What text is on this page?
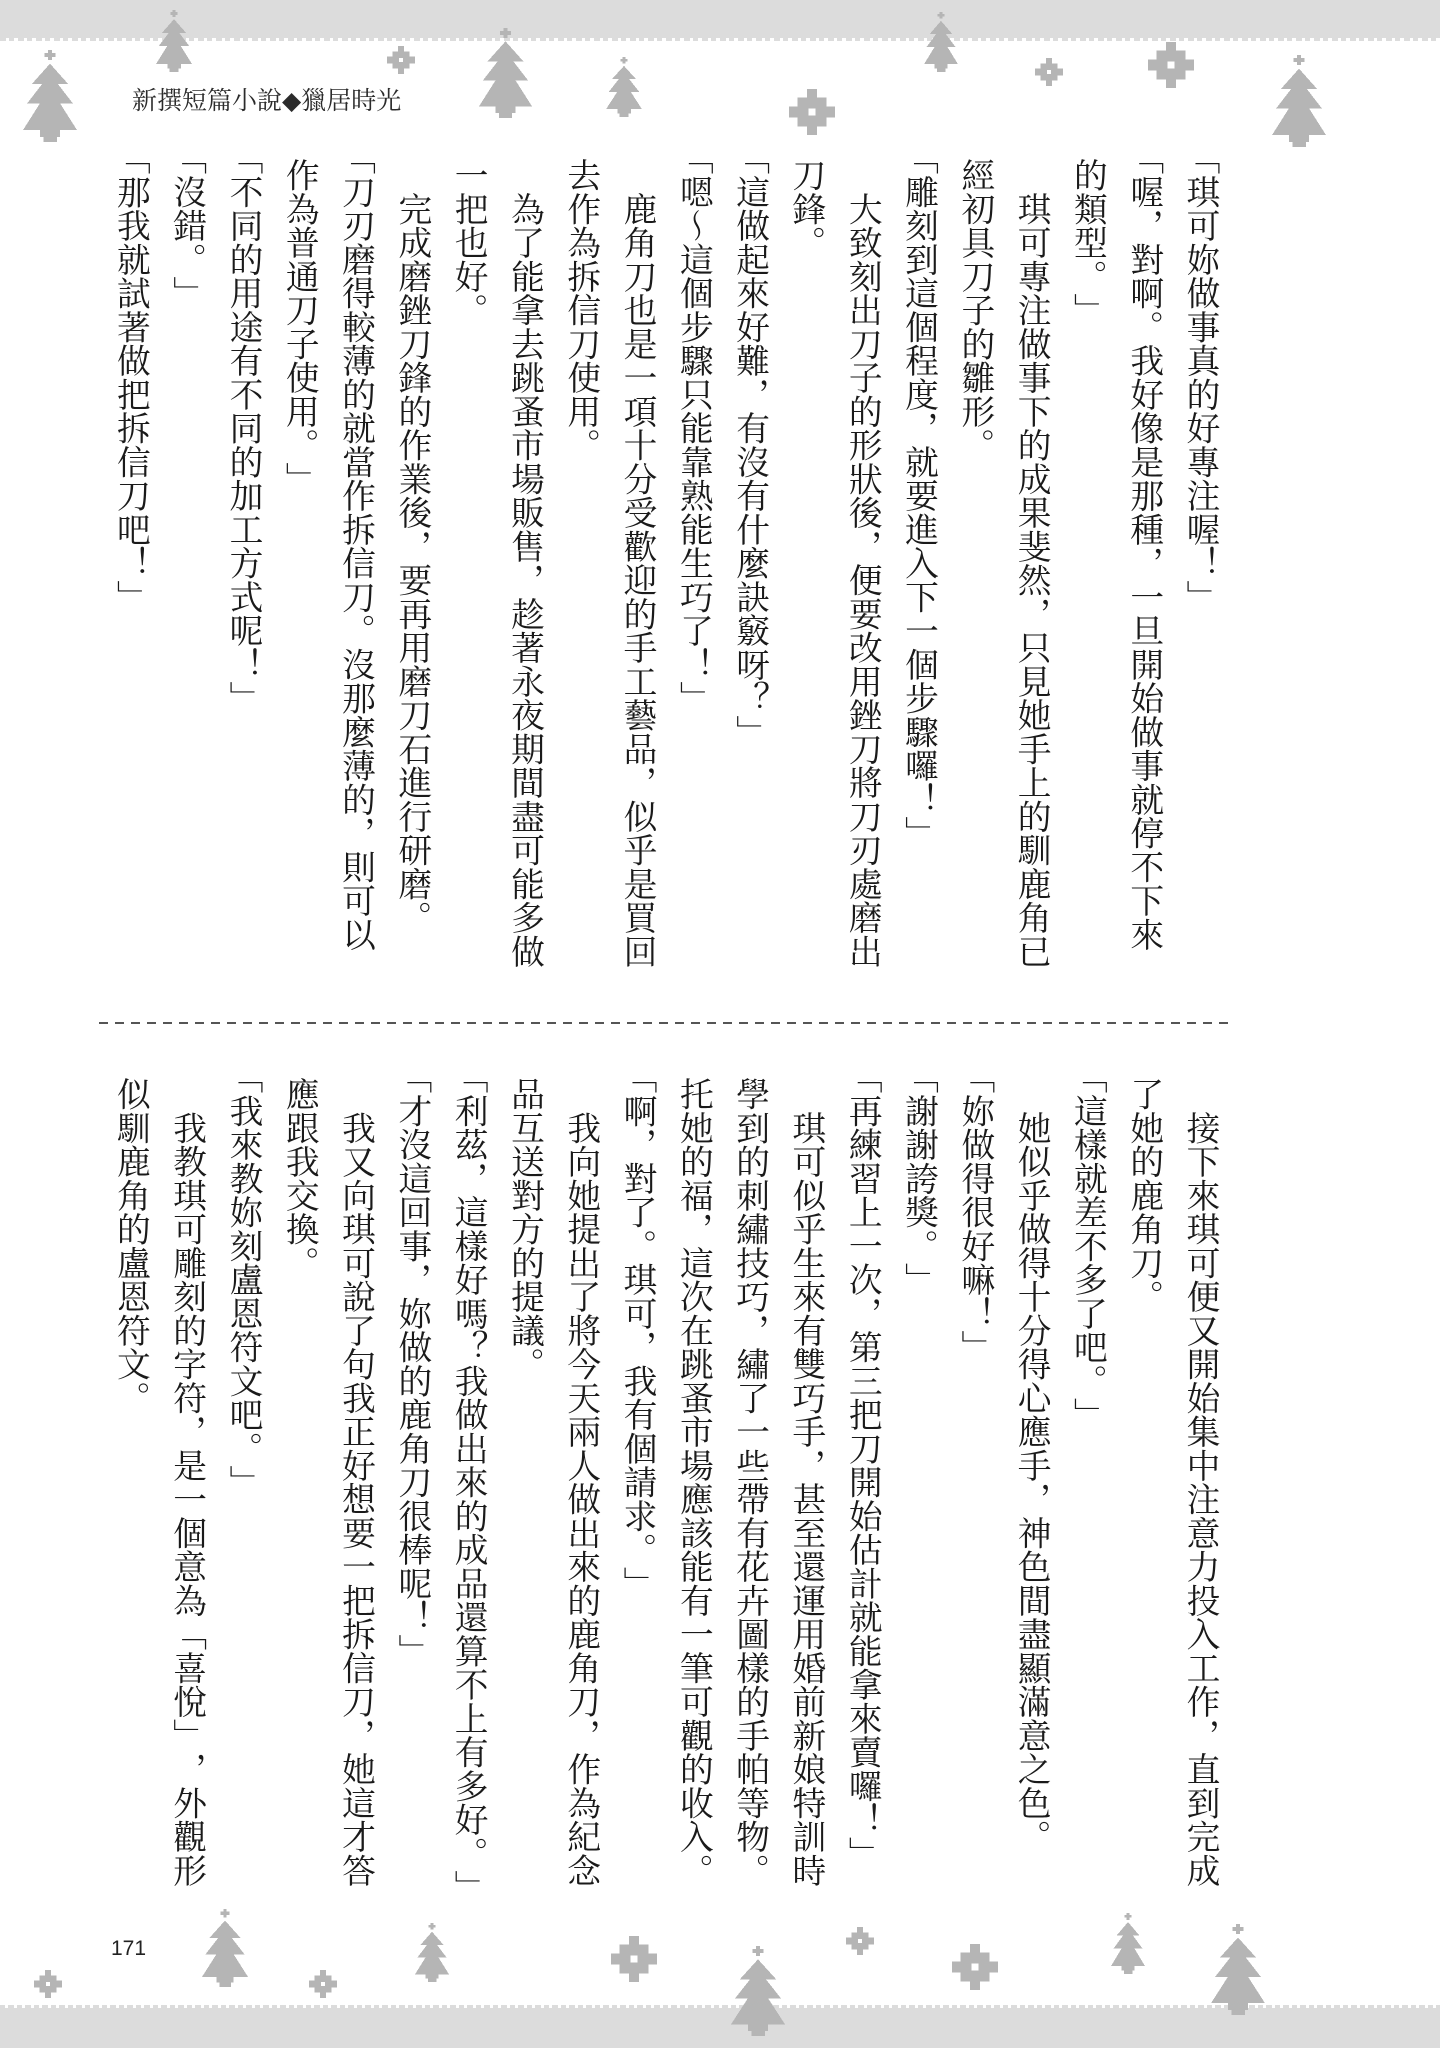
新撰短篇小說◆獵居時光
「琪可妳做事真的好專注喔！」
「喔，對啊。我好像是那種，一旦開始做事就停不下來
的類型。」
　琪可專注做事下的成果斐然，只見她手上的馴鹿角已
經初具刀子的雛形。
「雕刻到這個程度，就要進入下一個步驟囉！」
　大致刻出刀子的形狀後，便要改用銼刀將刀刃處磨出
刀鋒。
「這做起來好難，有沒有什麼訣竅呀？」
「嗯～這個步驟只能靠熟能生巧了！」
　鹿角刀也是一項十分受歡迎的手工藝品，似乎是買回
去作為拆信刀使用。
　為了能拿去跳蚤市場販售，趁著永夜期間盡可能多做
一把也好。
　完成磨銼刀鋒的作業後，要再用磨刀石進行研磨。
「刀刃磨得較薄的就當作拆信刀。沒那麼薄的，則可以
作為普通刀子使用。」
「不同的用途有不同的加工方式呢！」
「沒錯。」
「那我就試著做把拆信刀吧！」
　接下來琪可便又開始集中注意力投入工作，直到完成
了她的鹿角刀。
「這樣就差不多了吧。」
　她似乎做得十分得心應手，神色間盡顯滿意之色。
「妳做得很好嘛！」
「謝謝誇獎。」
「再練習上一次，第三把刀開始估計就能拿來賣囉！」
　琪可似乎生來有雙巧手，甚至還運用婚前新娘特訓時
學到的刺繡技巧，繡了一些帶有花卉圖樣的手帕等物。
托她的福，這次在跳蚤市場應該能有一筆可觀的收入。
「啊，對了。琪可，我有個請求。」
　我向她提出了將今天兩人做出來的鹿角刀，作為紀念
品互送對方的提議。
「利茲，這樣好嗎？我做出來的成品還算不上有多好。」
「才沒這回事，妳做的鹿角刀很棒呢！」
　我又向琪可說了句我正好想要一把拆信刀，她這才答
應跟我交換。
「我來教妳刻盧恩符文吧。」
　我教琪可雕刻的字符，是一個意為「喜悅」，外觀形
似馴鹿角的盧恩符文。
171
